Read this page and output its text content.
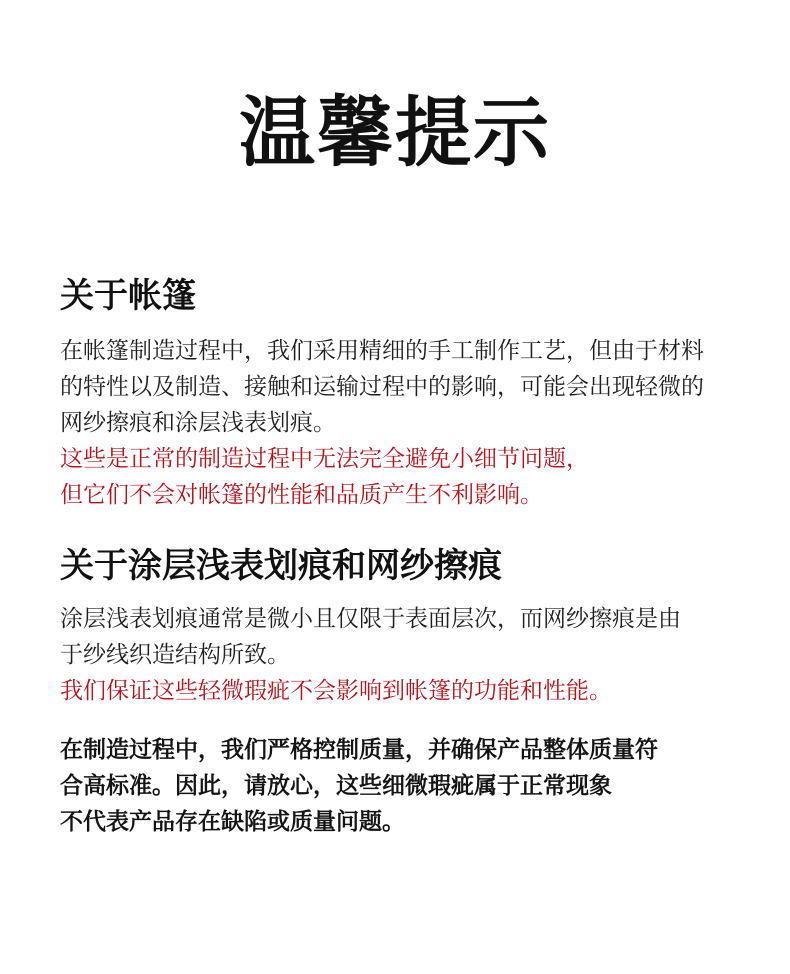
温馨提示
关于帐篷

在帐篷制造过程中，我们采用精细的手工制作工艺，但由于材料
的特性以及制造、接触和运输过程中的影响，可能会出现轻微的
网纱擦痕和涂层浅表划痕。

这些是正常的制造过程中无法完全避免小细节问题，
但它们不会对帐篷的性能和品质产生不利影响。

关于涂层浅表划痕和网纱擦痕

涂层浅表划痕通常是微小且仅限于表面层次，而网纱擦痕是由
于纱线织造结构所致。

我们保证这些轻微瑕疵不会影响到帐篷的功能和性能。

在制造过程中，我们严格控制质量，并确保产品整体质量符
合高标准。因此，请放心，这些细微瑕疵属于正常现象
不代表产品存在缺陷或质量问题。
